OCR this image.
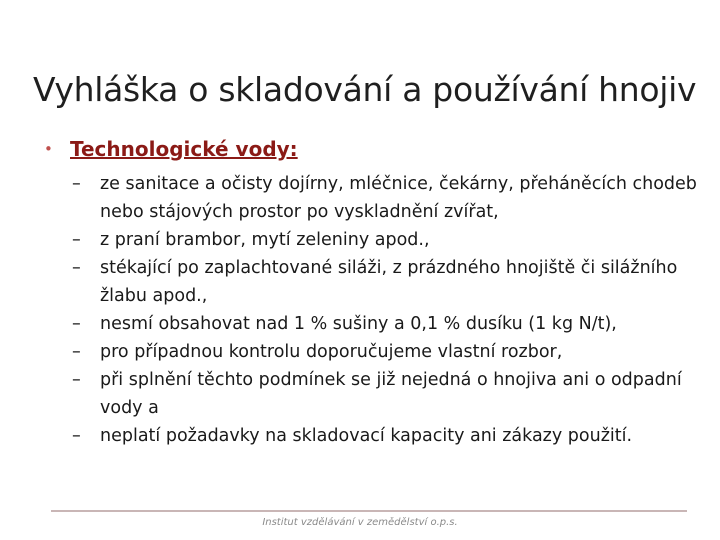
Vyhláška o skladování a používání hnojiv
• Technologické vody:
–	ze sanitace a očisty dojírny, mléčnice, čekárny, přeháněcích chodeb nebo stájových prostor po vyskladnění zvířat,
–	z praní brambor, mytí zeleniny apod.,
–	stékající po zaplachtované siláži, z prázdného hnojiště či silážního žlabu apod.,
–	nesmí obsahovat nad 1 % sušiny a 0,1 % dusíku (1 kg N/t),
–	pro případnou kontrolu doporučujeme vlastní rozbor,
–	při splnění těchto podmínek se již nejedná o hnojiva ani o odpadní vody a
–	neplatí požadavky na skladovací kapacity ani zákazy použití.
Institut vzdělávání v zemědělství o.p.s.
